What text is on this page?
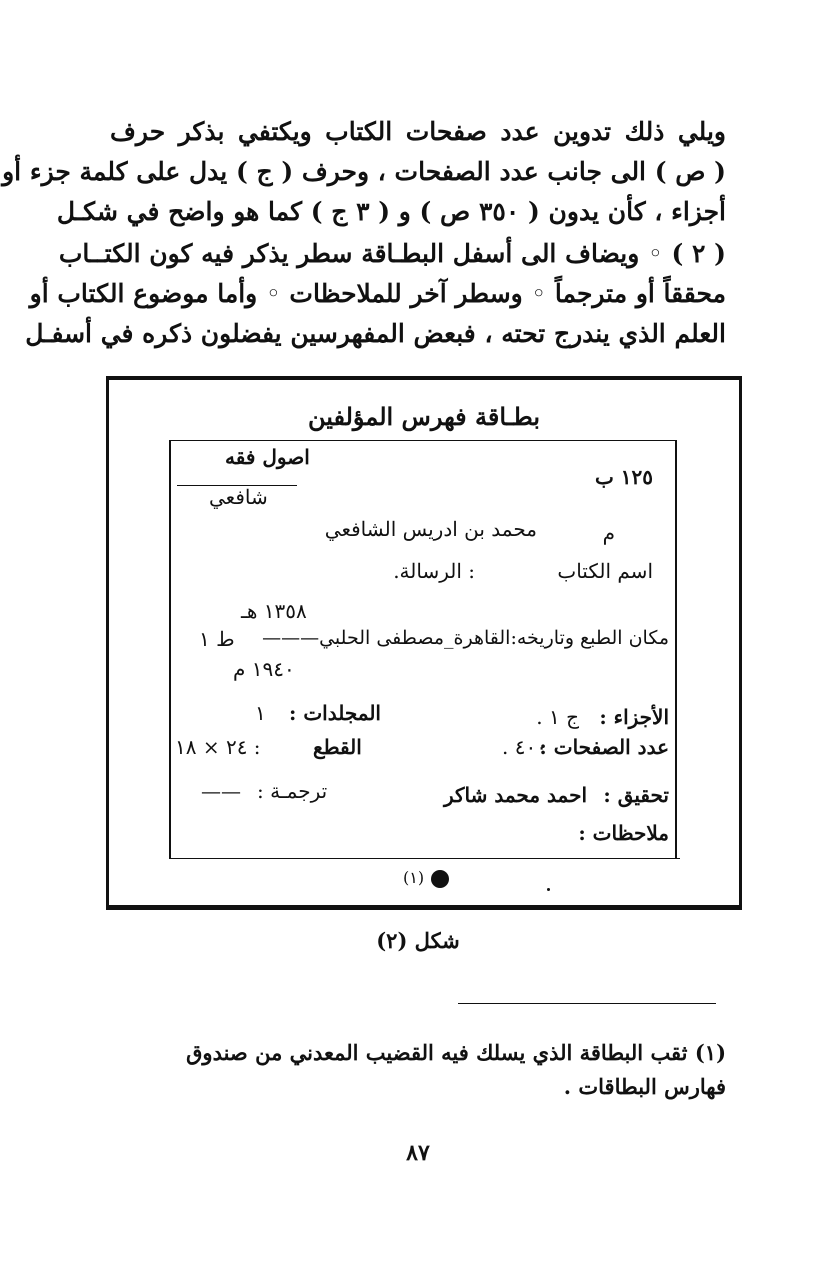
ويلي ذلك تدوين عدد صفحات الكتاب ويكتفي بذكر حرف
( ص ) الى جانب عدد الصفحات ، وحرف ( ج ) يدل على كلمة جزء أو
أجزاء ، كأن يدون ( ٣٥٠ ص ) و ( ٣ ج ) كما هو واضح في شكـل
( ٢ ) ◦ ويضاف الى أسفل البطـاقة سطر يذكر فيه كون الكتــاب
محققاً أو مترجماً ◦ وسطر آخر للملاحظات ◦ وأما موضوع الكتاب أو
العلم الذي يندرج تحته ، فبعض المفهرسين يفضلون ذكره في أسفـل
بطـاقة فهرس المؤلفين
اصول فقه
شافعي
١٢٥ ب
م
محمد بن ادريس الشافعي
اسم الكتاب
: الرسالة.
١٣٥٨ هـ
مكان الطبع وتاريخه:القاهرة_مصطفى الحلبي———
ط ١
١٩٤٠ م
الأجزاء :
ج ١ .
المجلدات :
١
عدد الصفحات :
٤٠٠ .
القطع
: ٢٤ × ١٨
تحقيق :
احمد محمد شاكر
ترجمـة :
——
ملاحظات :
(١)
شكل (٢)
(١) ثقب البطاقة الذي يسلك فيه القضيب المعدني من صندوق
فهارس البطاقات .
٨٧
